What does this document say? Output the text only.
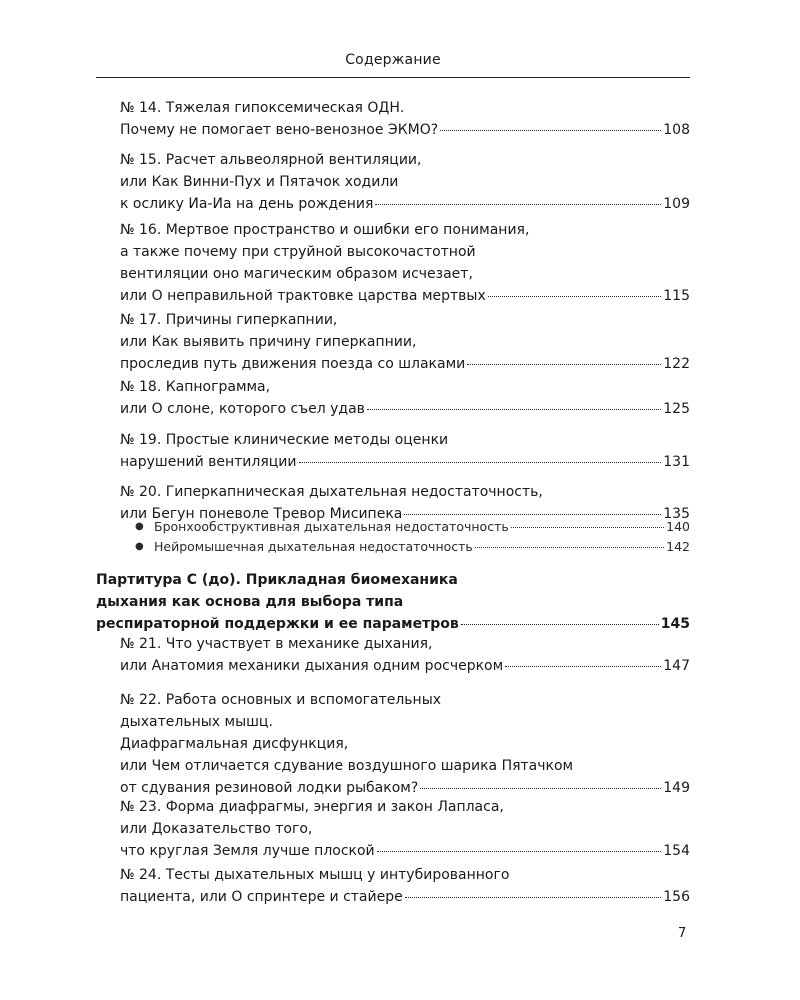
Содержание
№ 14. Тяжелая гипоксемическая ОДН.
Почему не помогает вено-венозное ЭКМО?	108
№ 15. Расчет альвеолярной вентиляции,
или Как Винни-Пух и Пятачок ходили
к ослику Иа-Иа на день рождения	109
№ 16. Мертвое пространство и ошибки его понимания,
а также почему при струйной высокочастотной
вентиляции оно магическим образом исчезает,
или О неправильной трактовке царства мертвых	115
№ 17. Причины гиперкапнии,
или Как выявить причину гиперкапнии,
проследив путь движения поезда со шлаками	122
№ 18. Капнограмма,
или О слоне, которого съел удав	125
№ 19. Простые клинические методы оценки
нарушений вентиляции	131
№ 20. Гиперкапническая дыхательная недостаточность,
или Бегун поневоле Тревор Мисипека	135
● Бронхообструктивная дыхательная недостаточность	140
● Нейромышечная дыхательная недостаточность	142
Партитура С (до). Прикладная биомеханика
дыхания как основа для выбора типа
респираторной поддержки и ее параметров	145
№ 21. Что участвует в механике дыхания,
или Анатомия механики дыхания одним росчерком	147
№ 22. Работа основных и вспомогательных
дыхательных мышц.
Диафрагмальная дисфункция,
или Чем отличается сдувание воздушного шарика Пятачком
от сдувания резиновой лодки рыбаком?	149
№ 23. Форма диафрагмы, энергия и закон Лапласа,
или Доказательство того,
что круглая Земля лучше плоской	154
№ 24. Тесты дыхательных мышц у интубированного
пациента, или О спринтере и стайере	156
7
